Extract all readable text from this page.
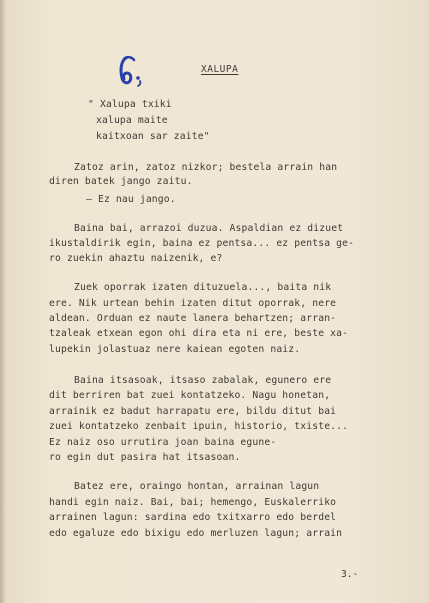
XALUPA
" Xalupa txiki
xalupa maite
kaitxoan sar zaite"
Zatoz arin, zatoz nizkor; bestela arrain han
diren batek jango zaitu.
– Ez nau jango.
Baina bai, arrazoi duzua. Aspaldian ez dizuet
ikustaldirik egin, baina ez pentsa... ez pentsa ge-
ro zuekin ahaztu naizenik, e?
Zuek oporrak izaten dituzuela..., baita nik
ere. Nik urtean behin izaten ditut oporrak, nere
aldean. Orduan ez naute lanera behartzen; arran-
tzaleak etxean egon ohi dira eta ni ere, beste xa-
lupekin jolastuaz nere kaiean egoten naiz.
Baina itsasoak, itsaso zabalak, egunero ere
dit berriren bat zuei kontatzeko. Nagu honetan,
arrainik ez badut harrapatu ere, bildu ditut bai
zuei kontatzeko zenbait ipuin, historio, txiste...
Ez naiz oso urrutira joan baina egune-
ro egin dut pasira hat itsasoan.
Batez ere, oraingo hontan, arrainan lagun
handi egin naiz. Bai, bai; hemengo, Euskalerriko
arrainen lagun: sardina edo txitxarro edo berdel
edo egaluze edo bixigu edo merluzen lagun; arrain
3.-
